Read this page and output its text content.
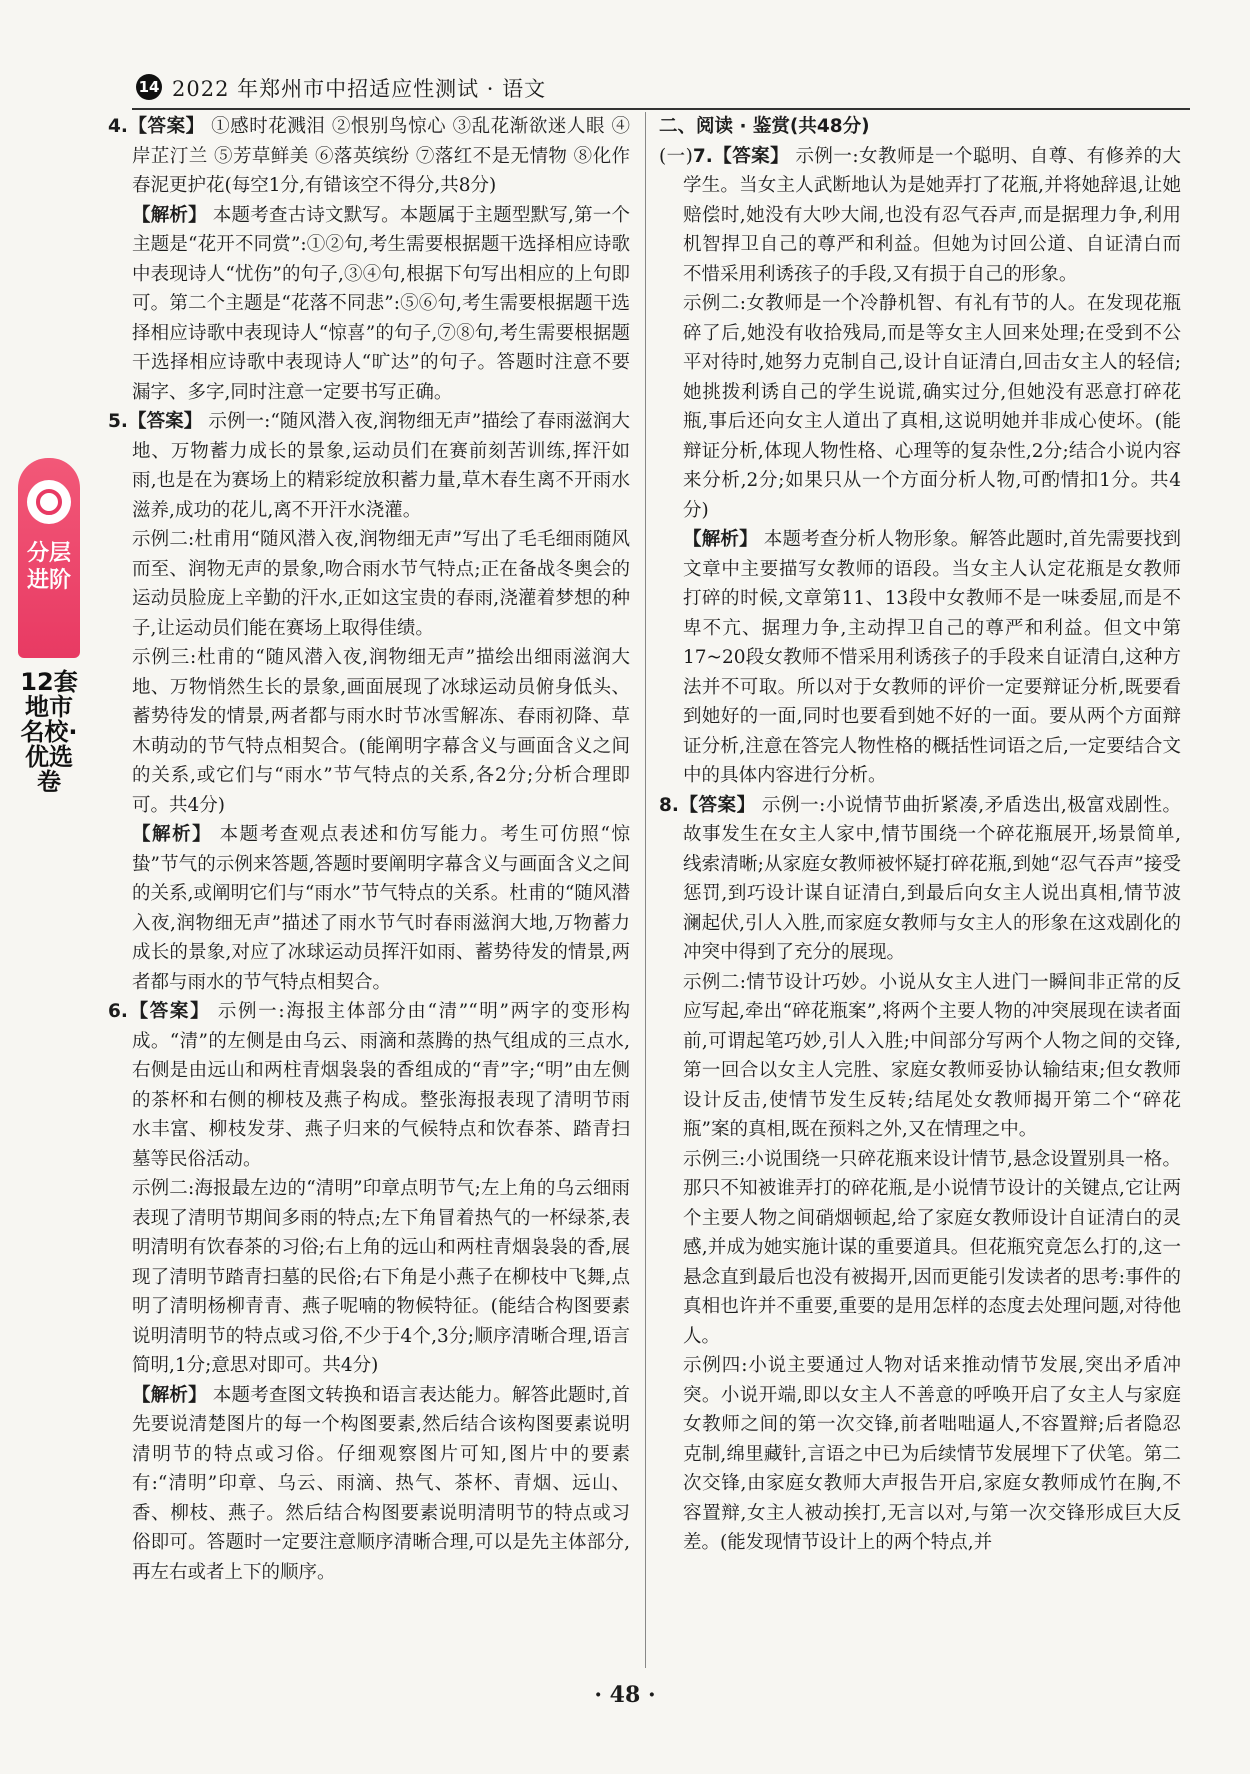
14 2022 年郑州市中招适应性测试 · 语文
分层进阶
12套地市名校·优选卷

4.【答案】 ①感时花溅泪 ②恨别鸟惊心 ③乱花渐欲迷人眼 ④岸芷汀兰 ⑤芳草鲜美 ⑥落英缤纷 ⑦落红不是无情物 ⑧化作春泥更护花(每空1分,有错该空不得分,共8分)

【解析】 本题考查古诗文默写。本题属于主题型默写,第一个主题是“花开不同赏”:①②句,考生需要根据题干选择相应诗歌中表现诗人“忧伤”的句子,③④句,根据下句写出相应的上句即可。第二个主题是“花落不同悲”:⑤⑥句,考生需要根据题干选择相应诗歌中表现诗人“惊喜”的句子,⑦⑧句,考生需要根据题干选择相应诗歌中表现诗人“旷达”的句子。答题时注意不要漏字、多字,同时注意一定要书写正确。

5.【答案】 示例一:“随风潜入夜,润物细无声”描绘了春雨滋润大地、万物蓄力成长的景象,运动员们在赛前刻苦训练,挥汗如雨,也是在为赛场上的精彩绽放积蓄力量,草木春生离不开雨水滋养,成功的花儿,离不开汗水浇灌。

示例二:杜甫用“随风潜入夜,润物细无声”写出了毛毛细雨随风而至、润物无声的景象,吻合雨水节气特点;正在备战冬奥会的运动员脸庞上辛勤的汗水,正如这宝贵的春雨,浇灌着梦想的种子,让运动员们能在赛场上取得佳绩。

示例三:杜甫的“随风潜入夜,润物细无声”描绘出细雨滋润大地、万物悄然生长的景象,画面展现了冰球运动员俯身低头、蓄势待发的情景,两者都与雨水时节冰雪解冻、春雨初降、草木萌动的节气特点相契合。(能阐明字幕含义与画面含义之间的关系,或它们与“雨水”节气特点的关系,各2分;分析合理即可。共4分)

【解析】 本题考查观点表述和仿写能力。考生可仿照“惊蛰”节气的示例来答题,答题时要阐明字幕含义与画面含义之间的关系,或阐明它们与“雨水”节气特点的关系。杜甫的“随风潜入夜,润物细无声”描述了雨水节气时春雨滋润大地,万物蓄力成长的景象,对应了冰球运动员挥汗如雨、蓄势待发的情景,两者都与雨水的节气特点相契合。

6.【答案】 示例一:海报主体部分由“清”“明”两字的变形构成。“清”的左侧是由乌云、雨滴和蒸腾的热气组成的三点水,右侧是由远山和两柱青烟袅袅的香组成的“青”字;“明”由左侧的茶杯和右侧的柳枝及燕子构成。整张海报表现了清明节雨水丰富、柳枝发芽、燕子归来的气候特点和饮春茶、踏青扫墓等民俗活动。

示例二:海报最左边的“清明”印章点明节气;左上角的乌云细雨表现了清明节期间多雨的特点;左下角冒着热气的一杯绿茶,表明清明有饮春茶的习俗;右上角的远山和两柱青烟袅袅的香,展现了清明节踏青扫墓的民俗;右下角是小燕子在柳枝中飞舞,点明了清明杨柳青青、燕子呢喃的物候特征。(能结合构图要素说明清明节的特点或习俗,不少于4个,3分;顺序清晰合理,语言简明,1分;意思对即可。共4分)

【解析】 本题考查图文转换和语言表达能力。解答此题时,首先要说清楚图片的每一个构图要素,然后结合该构图要素说明清明节的特点或习俗。仔细观察图片可知,图片中的要素有:“清明”印章、乌云、雨滴、热气、茶杯、青烟、远山、香、柳枝、燕子。然后结合构图要素说明清明节的特点或习俗即可。答题时一定要注意顺序清晰合理,可以是先主体部分,再左右或者上下的顺序。

二、阅读 · 鉴赏(共48分)

(一)7.【答案】 示例一:女教师是一个聪明、自尊、有修养的大学生。当女主人武断地认为是她弄打了花瓶,并将她辞退,让她赔偿时,她没有大吵大闹,也没有忍气吞声,而是据理力争,利用机智捍卫自己的尊严和利益。但她为讨回公道、自证清白而不惜采用利诱孩子的手段,又有损于自己的形象。

示例二:女教师是一个冷静机智、有礼有节的人。在发现花瓶碎了后,她没有收拾残局,而是等女主人回来处理;在受到不公平对待时,她努力克制自己,设计自证清白,回击女主人的轻信;她挑拨利诱自己的学生说谎,确实过分,但她没有恶意打碎花瓶,事后还向女主人道出了真相,这说明她并非成心使坏。(能辩证分析,体现人物性格、心理等的复杂性,2分;结合小说内容来分析,2分;如果只从一个方面分析人物,可酌情扣1分。共4分)

【解析】 本题考查分析人物形象。解答此题时,首先需要找到文章中主要描写女教师的语段。当女主人认定花瓶是女教师打碎的时候,文章第11、13段中女教师不是一味委屈,而是不卑不亢、据理力争,主动捍卫自己的尊严和利益。但文中第17~20段女教师不惜采用利诱孩子的手段来自证清白,这种方法并不可取。所以对于女教师的评价一定要辩证分析,既要看到她好的一面,同时也要看到她不好的一面。要从两个方面辩证分析,注意在答完人物性格的概括性词语之后,一定要结合文中的具体内容进行分析。

8.【答案】 示例一:小说情节曲折紧凑,矛盾迭出,极富戏剧性。故事发生在女主人家中,情节围绕一个碎花瓶展开,场景简单,线索清晰;从家庭女教师被怀疑打碎花瓶,到她“忍气吞声”接受惩罚,到巧设计谋自证清白,到最后向女主人说出真相,情节波澜起伏,引人入胜,而家庭女教师与女主人的形象在这戏剧化的冲突中得到了充分的展现。

示例二:情节设计巧妙。小说从女主人进门一瞬间非正常的反应写起,牵出“碎花瓶案”,将两个主要人物的冲突展现在读者面前,可谓起笔巧妙,引人入胜;中间部分写两个人物之间的交锋,第一回合以女主人完胜、家庭女教师妥协认输结束;但女教师设计反击,使情节发生反转;结尾处女教师揭开第二个“碎花瓶”案的真相,既在预料之外,又在情理之中。

示例三:小说围绕一只碎花瓶来设计情节,悬念设置别具一格。那只不知被谁弄打的碎花瓶,是小说情节设计的关键点,它让两个主要人物之间硝烟顿起,给了家庭女教师设计自证清白的灵感,并成为她实施计谋的重要道具。但花瓶究竟怎么打的,这一悬念直到最后也没有被揭开,因而更能引发读者的思考:事件的真相也许并不重要,重要的是用怎样的态度去处理问题,对待他人。

示例四:小说主要通过人物对话来推动情节发展,突出矛盾冲突。小说开端,即以女主人不善意的呼唤开启了女主人与家庭女教师之间的第一次交锋,前者咄咄逼人,不容置辩;后者隐忍克制,绵里藏针,言语之中已为后续情节发展埋下了伏笔。第二次交锋,由家庭女教师大声报告开启,家庭女教师成竹在胸,不容置辩,女主人被动挨打,无言以对,与第一次交锋形成巨大反差。(能发现情节设计上的两个特点,并

· 48 ·
